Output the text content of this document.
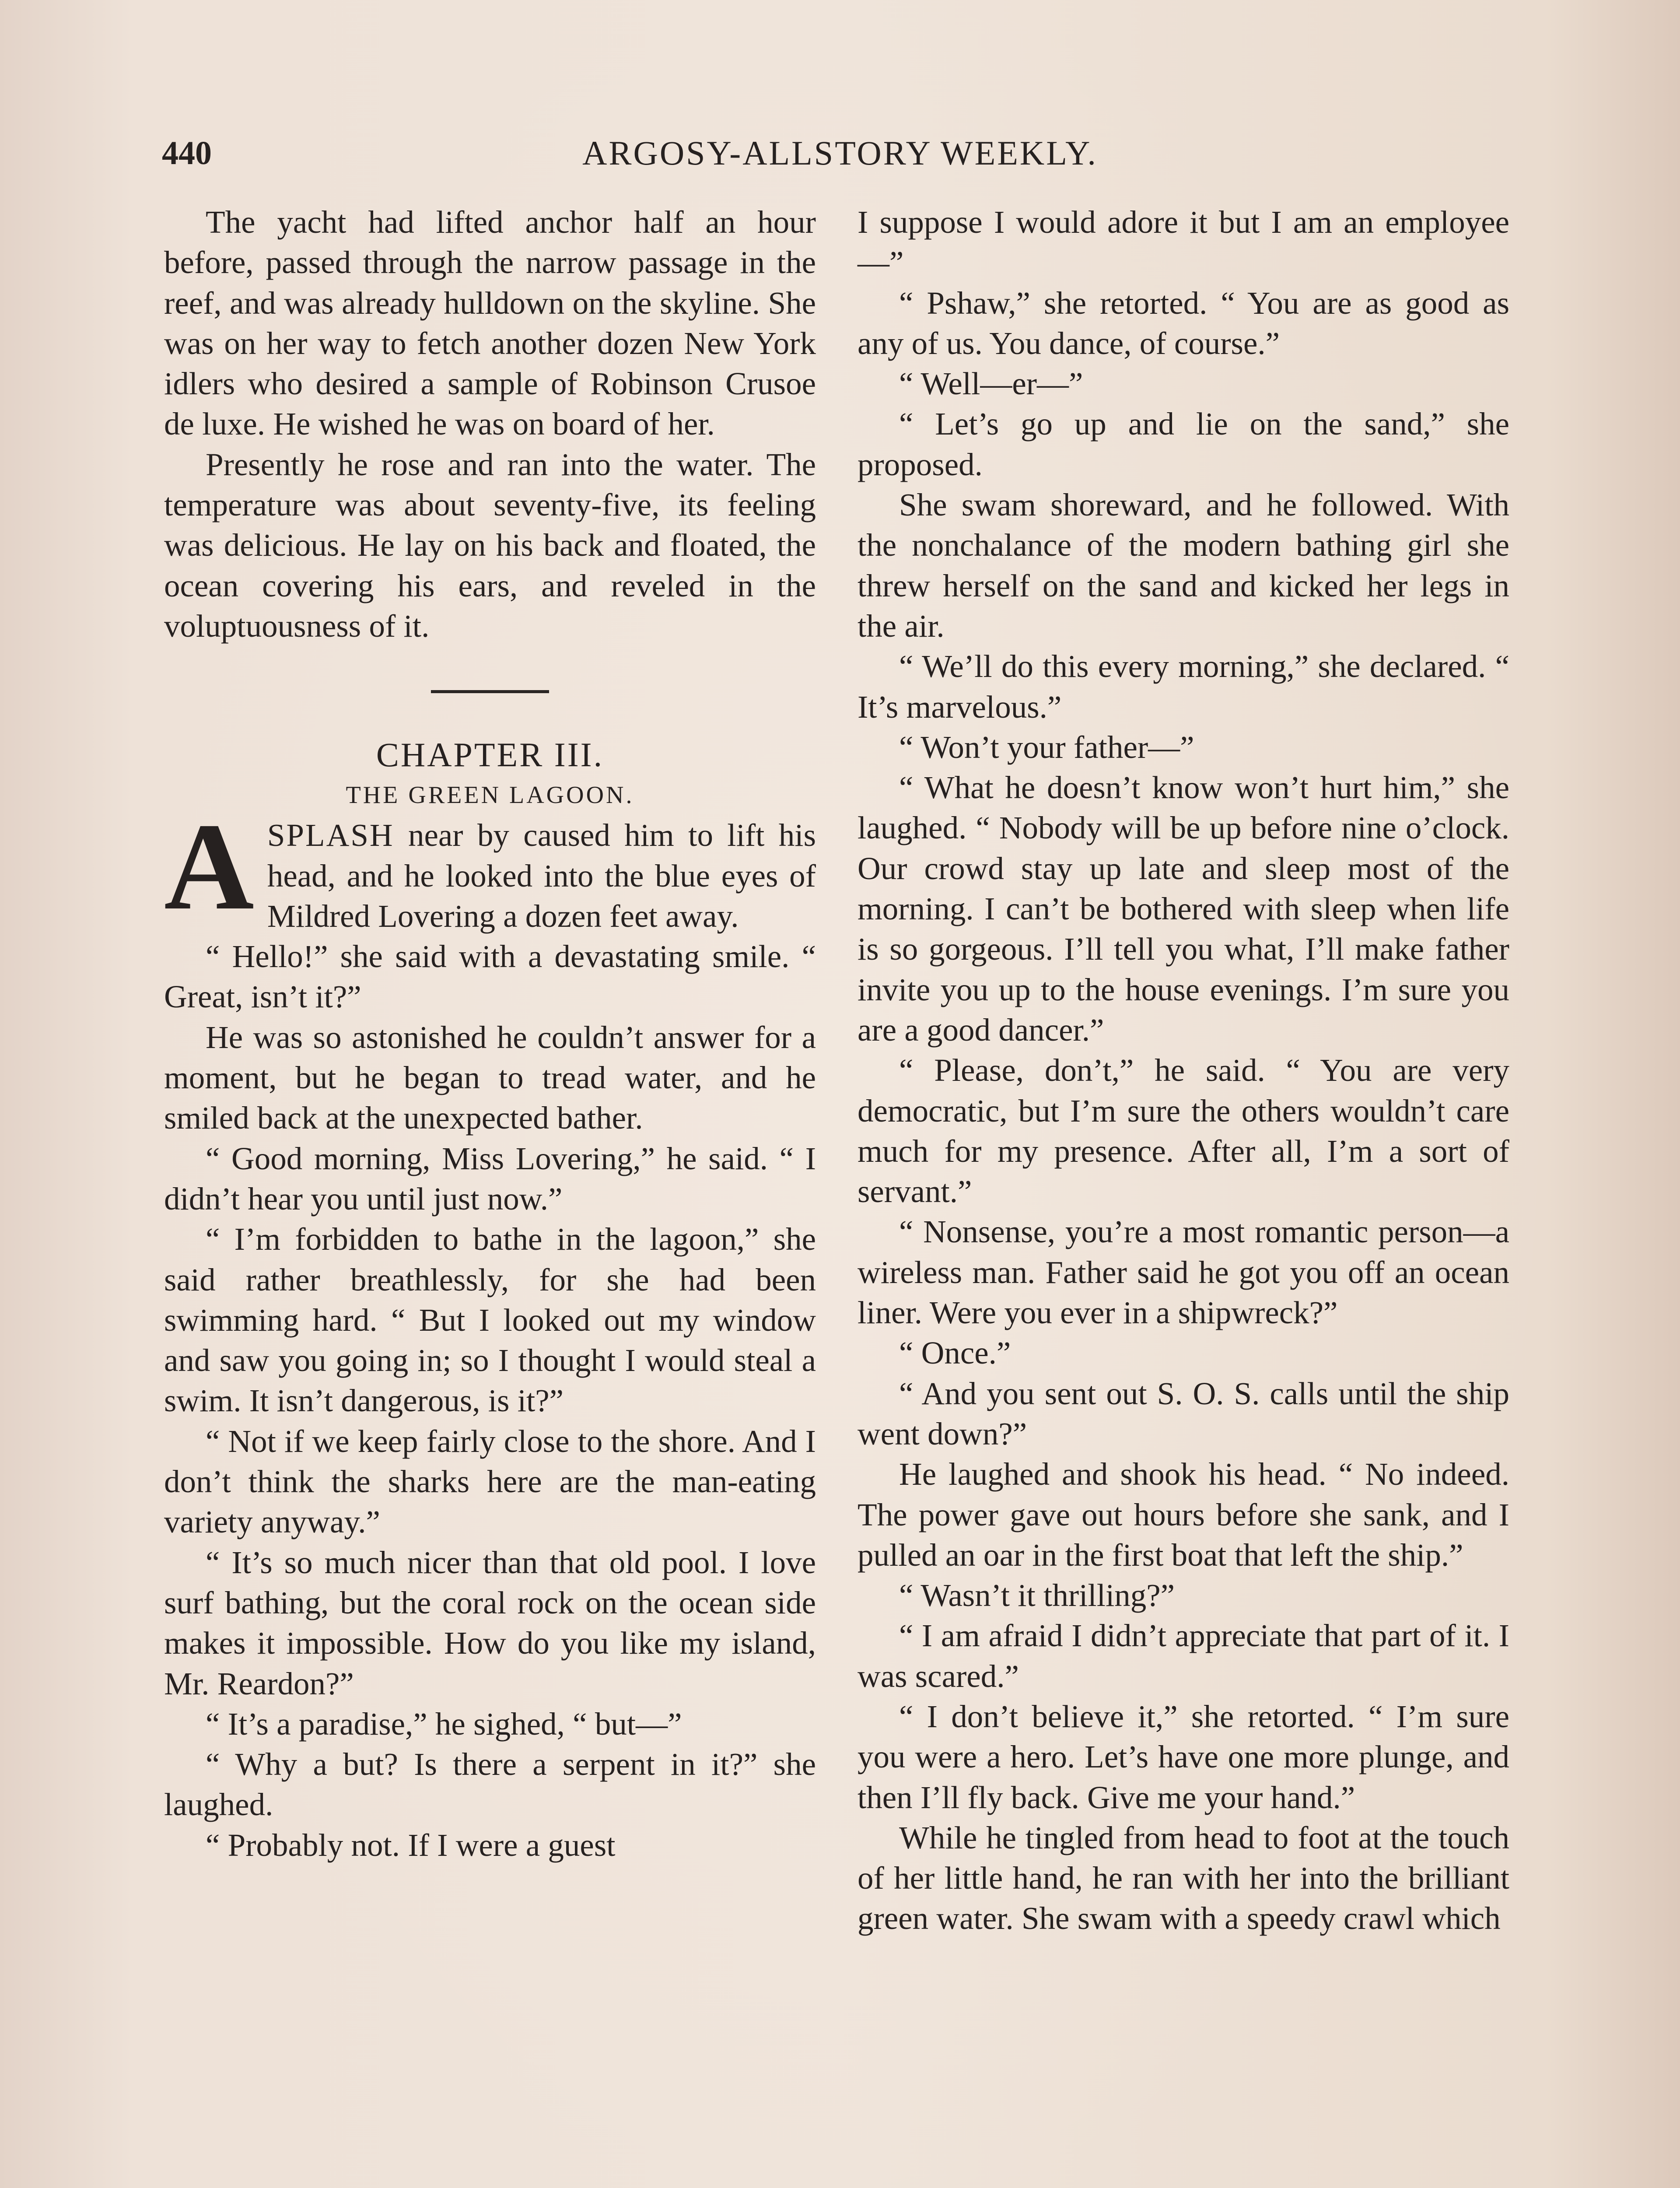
440	ARGOSY-ALLSTORY WEEKLY.

The yacht had lifted anchor half an hour before, passed through the narrow passage in the reef, and was already hulldown on the skyline. She was on her way to fetch another dozen New York idlers who desired a sample of Robinson Crusoe de luxe. He wished he was on board of her.

Presently he rose and ran into the water. The temperature was about seventy-five, its feeling was delicious. He lay on his back and floated, the ocean covering his ears, and reveled in the voluptuousness of it.

CHAPTER III.

THE GREEN LAGOON.

ASPLASH near by caused him to lift his head, and he looked into the blue eyes of Mildred Lovering a dozen feet away.

“ Hello!” she said with a devastating smile. “ Great, isn’t it?”

He was so astonished he couldn’t answer for a moment, but he began to tread water, and he smiled back at the unexpected bather.

“ Good morning, Miss Lovering,” he said. “ I didn’t hear you until just now.”

“ I’m forbidden to bathe in the lagoon,” she said rather breathlessly, for she had been swimming hard. “ But I looked out my window and saw you going in; so I thought I would steal a swim. It isn’t dangerous, is it?”

“ Not if we keep fairly close to the shore. And I don’t think the sharks here are the man-eating variety anyway.”

“ It’s so much nicer than that old pool. I love surf bathing, but the coral rock on the ocean side makes it impossible. How do you like my island, Mr. Reardon?”

“ It’s a paradise,” he sighed, “ but—”

“ Why a but? Is there a serpent in it?” she laughed.

“ Probably not. If I were a guest

I suppose I would adore it but I am an employee—”

“ Pshaw,” she retorted. “ You are as good as any of us. You dance, of course.”

“ Well—er—”

“ Let’s go up and lie on the sand,” she proposed.

She swam shoreward, and he followed. With the nonchalance of the modern bathing girl she threw herself on the sand and kicked her legs in the air.

“ We’ll do this every morning,” she declared. “ It’s marvelous.”

“ Won’t your father—”

“ What he doesn’t know won’t hurt him,” she laughed. “ Nobody will be up before nine o’clock. Our crowd stay up late and sleep most of the morning. I can’t be bothered with sleep when life is so gorgeous. I’ll tell you what, I’ll make father invite you up to the house evenings. I’m sure you are a good dancer.”

“ Please, don’t,” he said. “ You are very democratic, but I’m sure the others wouldn’t care much for my presence. After all, I’m a sort of servant.”

“ Nonsense, you’re a most romantic person—a wireless man. Father said he got you off an ocean liner. Were you ever in a shipwreck?”

“ Once.”

“ And you sent out S. O. S. calls until the ship went down?”

He laughed and shook his head. “ No indeed. The power gave out hours before she sank, and I pulled an oar in the first boat that left the ship.”

“ Wasn’t it thrilling?”

“ I am afraid I didn’t appreciate that part of it. I was scared.”

“ I don’t believe it,” she retorted. “ I’m sure you were a hero. Let’s have one more plunge, and then I’ll fly back. Give me your hand.”

While he tingled from head to foot at the touch of her little hand, he ran with her into the brilliant green water. She swam with a speedy crawl which
